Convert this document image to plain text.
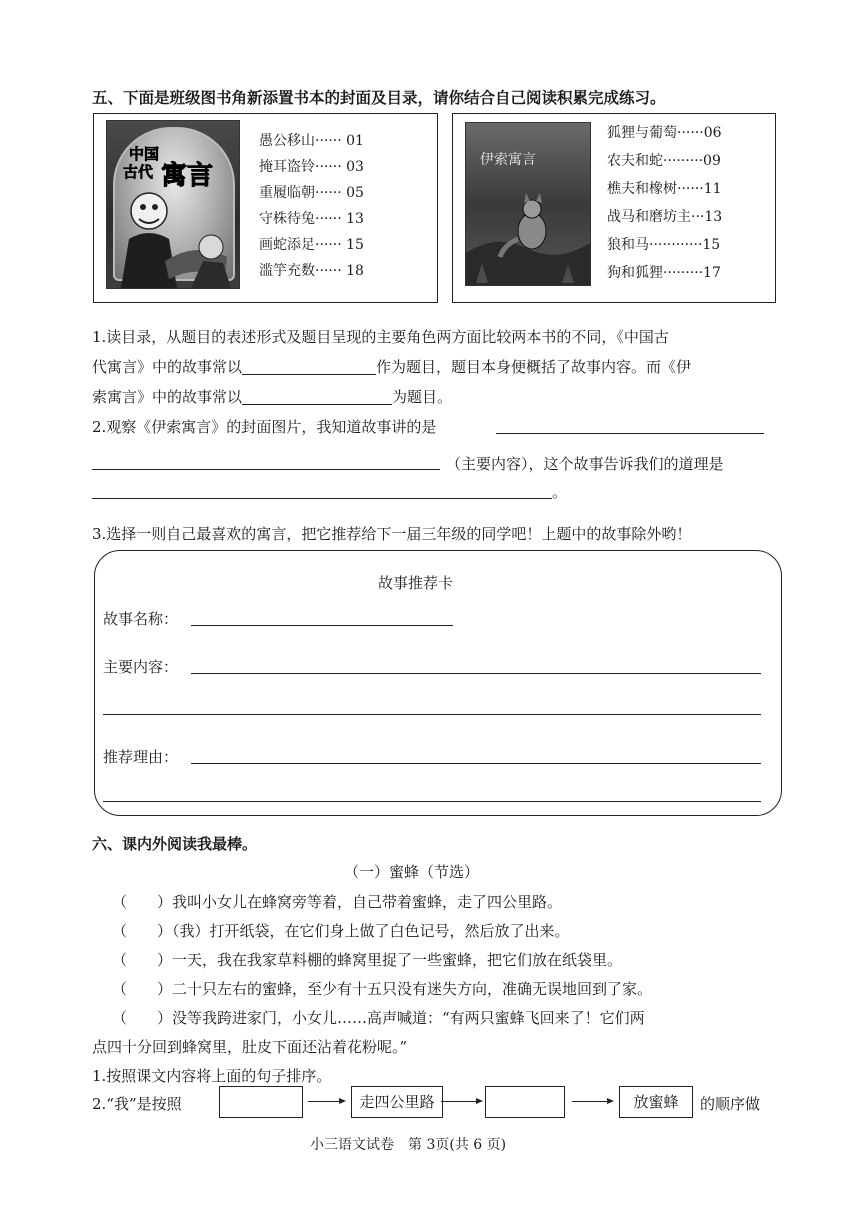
五、下面是班级图书角新添置书本的封面及目录，请你结合自己阅读积累完成练习。
中国
古代 寓言
愚公移山······ 01
掩耳盗铃······ 03
重履临朝······ 05
守株待兔······ 13
画蛇添足······ 15
滥竽充数······ 18
伊索寓言
狐狸与葡萄······06
农夫和蛇·········09
樵夫和橡树······11
战马和磨坊主···13
狼和马············15
狗和狐狸·········17
1.读目录，从题目的表述形式及题目呈现的主要角色两方面比较两本书的不同，《中国古
代寓言》中的故事常以	作为题目，题目本身便概括了故事内容。而《伊
索寓言》中的故事常以	为题目。
2.观察《伊索寓言》的封面图片，我知道故事讲的是
（主要内容），这个故事告诉我们的道理是
。
3.选择一则自己最喜欢的寓言，把它推荐给下一届三年级的同学吧！上题中的故事除外哟！
故事推荐卡
故事名称：
主要内容：
推荐理由：
六、课内外阅读我最棒。
（一）蜜蜂（节选）
（　　）我叫小女儿在蜂窝旁等着，自己带着蜜蜂，走了四公里路。
（　　）（我）打开纸袋，在它们身上做了白色记号，然后放了出来。
（　　）一天，我在我家草料棚的蜂窝里捉了一些蜜蜂，把它们放在纸袋里。
（　　）二十只左右的蜜蜂，至少有十五只没有迷失方向，准确无误地回到了家。
（　　）没等我跨进家门，小女儿……高声喊道：“有两只蜜蜂飞回来了！它们两
点四十分回到蜂窝里，肚皮下面还沾着花粉呢。”
1.按照课文内容将上面的句子排序。
2.“我”是按照	走四公里路	放蜜蜂	的顺序做
小三语文试卷　第 3页(共 6 页)
